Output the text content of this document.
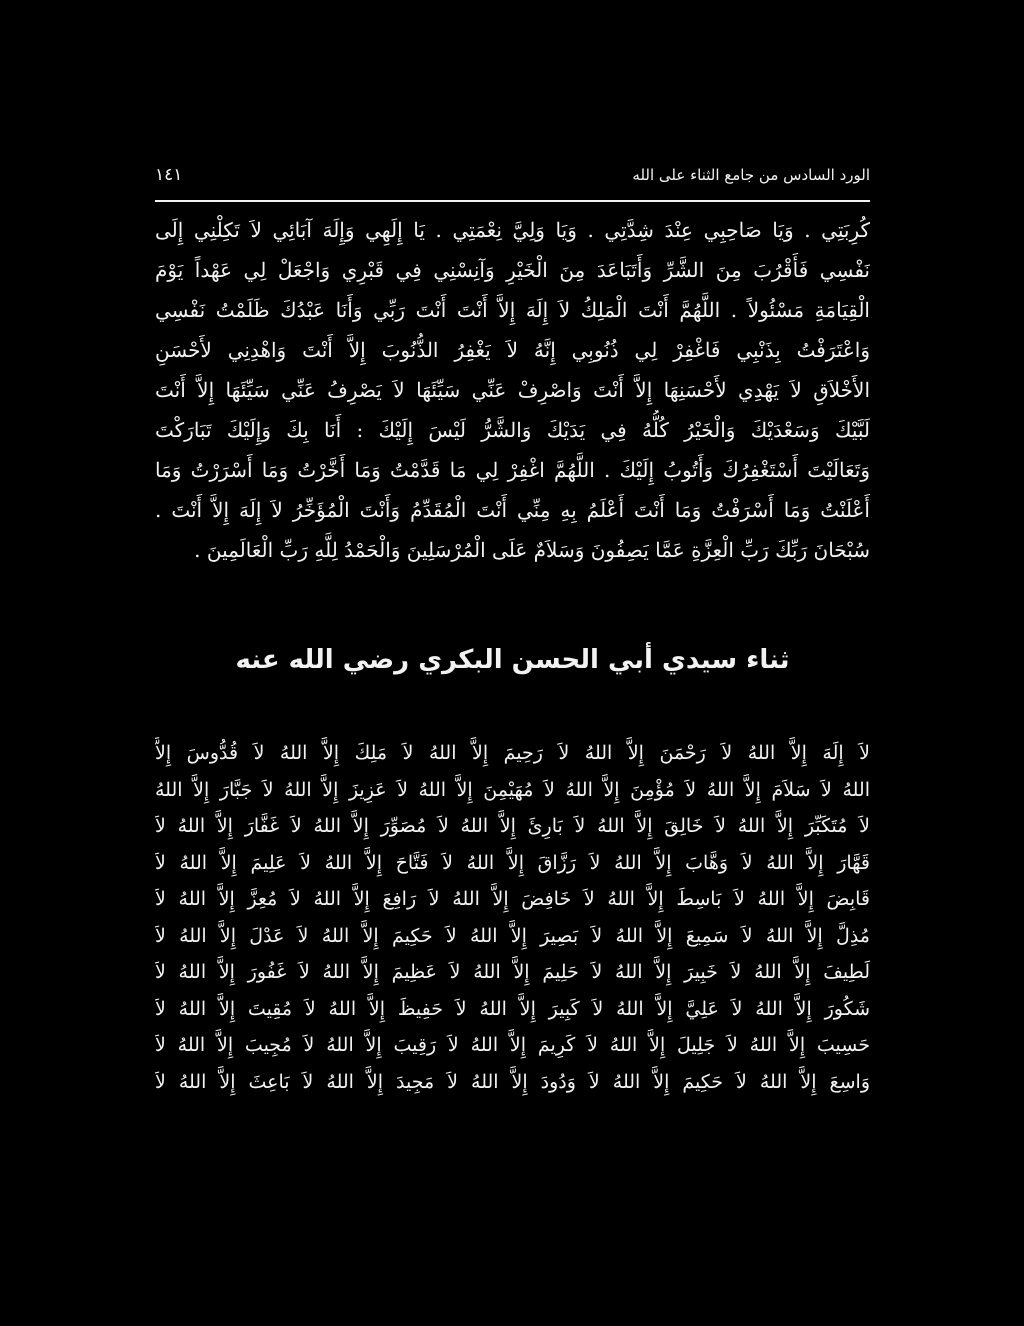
الورد السادس من جامع الثناء على الله
١٤١
كُرِبَتِي . وَيَا صَاحِبِي عِنْدَ شِدَّتِي . وَيَا وَلِيَّ نِعْمَتِي . يَا إِلَهِي وَإِلَهَ آبَائِي لاَ تَكِلْنِي إِلَى
نَفْسِي فَأَقْرُبَ مِنَ الشَّرِّ وَأَتَبَاعَدَ مِنَ الْخَيْرِ وَآنِسْنِي فِي قَبْرِي وَاجْعَلْ لِي عَهْداً يَوْمَ
الْقِيَامَةِ مَسْئُولاً . اللَّهُمَّ أَنْتَ الْمَلِكُ لاَ إِلَهَ إِلاَّ أَنْتَ أَنْتَ رَبِّي وَأَنَا عَبْدُكَ ظَلَمْتُ نَفْسِي
وَاعْتَرَفْتُ بِذَنْبِي فَاغْفِرْ لِي ذُنُوبِي إِنَّهُ لاَ يَغْفِرُ الذُّنُوبَ إِلاَّ أَنْتَ وَاهْدِنِي لأَحْسَنِ
الأَخْلاَقِ لاَ يَهْدِي لأَحْسَنِهَا إِلاَّ أَنْتَ وَاصْرِفْ عَنِّي سَيِّئَهَا لاَ يَصْرِفُ عَنِّي سَيِّئَهَا إِلاَّ أَنْتَ
لَبَّيْكَ وَسَعْدَيْكَ وَالْخَيْرُ كُلُّهُ فِي يَدَيْكَ وَالشَّرُّ لَيْسَ إِلَيْكَ : أَنَا بِكَ وَإِلَيْكَ تَبَارَكْتَ
وَتَعَالَيْتَ أَسْتَغْفِرُكَ وَأَتُوبُ إِلَيْكَ . اللَّهُمَّ اغْفِرْ لِي مَا قَدَّمْتُ وَمَا أَخَّرْتُ وَمَا أَسْرَرْتُ وَمَا
أَعْلَنْتُ وَمَا أَسْرَفْتُ وَمَا أَنْتَ أَعْلَمُ بِهِ مِنِّي أَنْتَ الْمُقَدِّمُ وَأَنْتَ الْمُؤَخِّرُ لاَ إِلَهَ إِلاَّ أَنْتَ .
سُبْحَانَ رَبِّكَ رَبِّ الْعِزَّةِ عَمَّا يَصِفُونَ وَسَلاَمٌ عَلَى الْمُرْسَلِينَ وَالْحَمْدُ لِلَّهِ رَبِّ الْعَالَمِينَ .
ثناء سيدي أبي الحسن البكري رضي الله عنه
لاَ إِلَهَ إِلاَّ اللهُ لاَ رَحْمَنَ إِلاَّ اللهُ لاَ رَحِيمَ إِلاَّ اللهُ لاَ مَلِكَ إِلاَّ اللهُ لاَ قُدُّوسَ إِلاَّ
اللهُ لاَ سَلاَمَ إِلاَّ اللهُ لاَ مُؤْمِنَ إِلاَّ اللهُ لاَ مُهَيْمِنَ إِلاَّ اللهُ لاَ عَزِيزَ إِلاَّ اللهُ لاَ جَبَّارَ إِلاَّ اللهُ
لاَ مُتَكَبِّرَ إِلاَّ اللهُ لاَ خَالِقَ إِلاَّ اللهُ لاَ بَارِئَ إِلاَّ اللهُ لاَ مُصَوِّرَ إِلاَّ اللهُ لاَ غَفَّارَ إِلاَّ اللهُ لاَ
قَهَّارَ إِلاَّ اللهُ لاَ وَهَّابَ إِلاَّ اللهُ لاَ رَزَّاقَ إِلاَّ اللهُ لاَ فَتَّاحَ إِلاَّ اللهُ لاَ عَلِيمَ إِلاَّ اللهُ لاَ
قَابِضَ إِلاَّ اللهُ لاَ بَاسِطَ إِلاَّ اللهُ لاَ خَافِضَ إِلاَّ اللهُ لاَ رَافِعَ إِلاَّ اللهُ لاَ مُعِزَّ إِلاَّ اللهُ لاَ
مُذِلَّ إِلاَّ اللهُ لاَ سَمِيعَ إِلاَّ اللهُ لاَ بَصِيرَ إِلاَّ اللهُ لاَ حَكِيمَ إِلاَّ اللهُ لاَ عَدْلَ إِلاَّ اللهُ لاَ
لَطِيفَ إِلاَّ اللهُ لاَ خَبِيرَ إِلاَّ اللهُ لاَ حَلِيمَ إِلاَّ اللهُ لاَ عَظِيمَ إِلاَّ اللهُ لاَ غَفُورَ إِلاَّ اللهُ لاَ
شَكُورَ إِلاَّ اللهُ لاَ عَلِيَّ إِلاَّ اللهُ لاَ كَبِيرَ إِلاَّ اللهُ لاَ حَفِيظَ إِلاَّ اللهُ لاَ مُقِيتَ إِلاَّ اللهُ لاَ
حَسِيبَ إِلاَّ اللهُ لاَ جَلِيلَ إِلاَّ اللهُ لاَ كَرِيمَ إِلاَّ اللهُ لاَ رَقِيبَ إِلاَّ اللهُ لاَ مُجِيبَ إِلاَّ اللهُ لاَ
وَاسِعَ إِلاَّ اللهُ لاَ حَكِيمَ إِلاَّ اللهُ لاَ وَدُودَ إِلاَّ اللهُ لاَ مَجِيدَ إِلاَّ اللهُ لاَ بَاعِثَ إِلاَّ اللهُ لاَ
